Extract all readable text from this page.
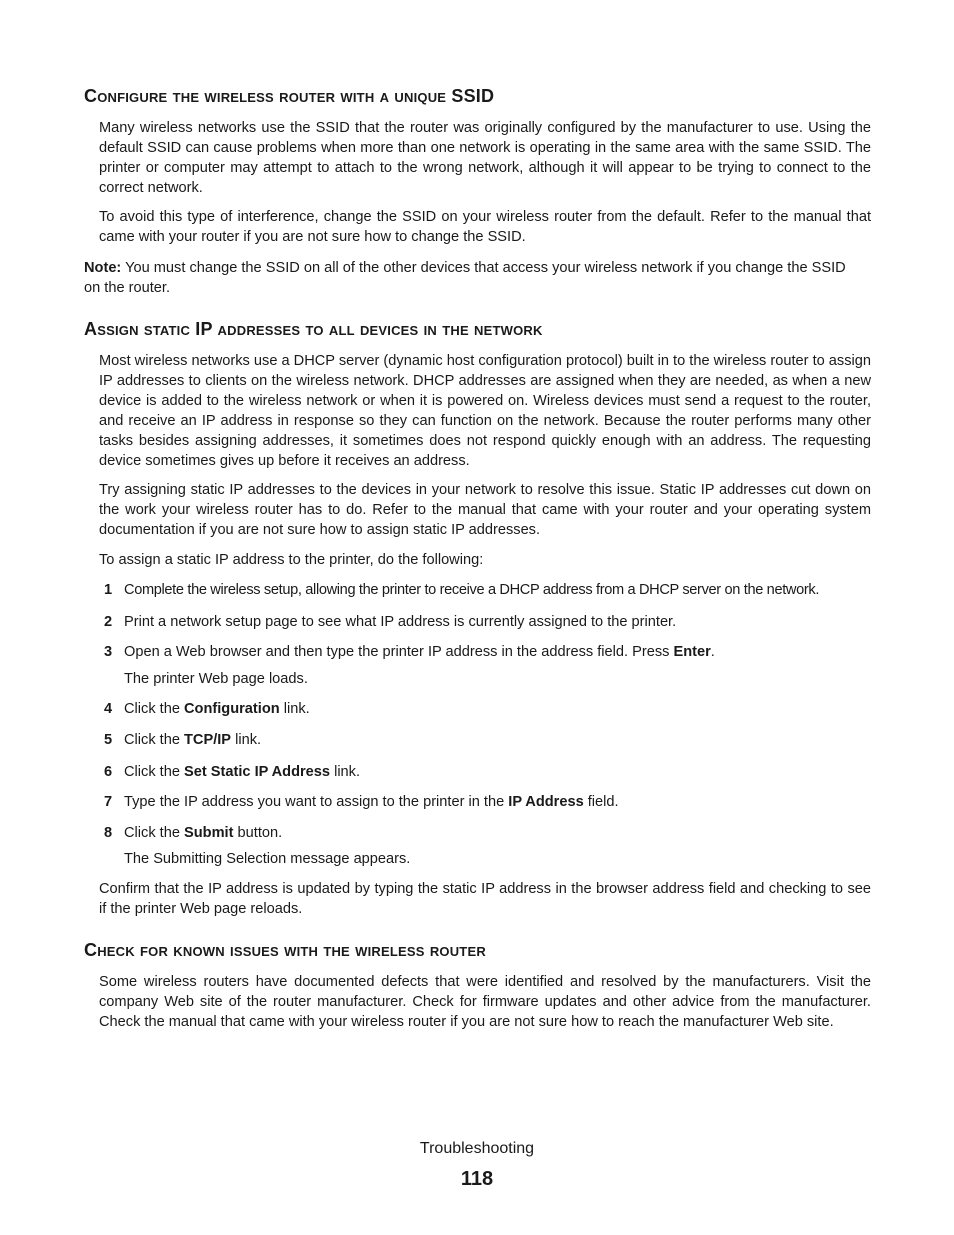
Configure the wireless router with a unique SSID

Many wireless networks use the SSID that the router was originally configured by the manufacturer to use. Using the default SSID can cause problems when more than one network is operating in the same area with the same SSID. The printer or computer may attempt to attach to the wrong network, although it will appear to be trying to connect to the correct network.

To avoid this type of interference, change the SSID on your wireless router from the default. Refer to the manual that came with your router if you are not sure how to change the SSID.

Note: You must change the SSID on all of the other devices that access your wireless network if you change the SSID on the router.

Assign static IP addresses to all devices in the network

Most wireless networks use a DHCP server (dynamic host configuration protocol) built in to the wireless router to assign IP addresses to clients on the wireless network. DHCP addresses are assigned when they are needed, as when a new device is added to the wireless network or when it is powered on. Wireless devices must send a request to the router, and receive an IP address in response so they can function on the network. Because the router performs many other tasks besides assigning addresses, it sometimes does not respond quickly enough with an address. The requesting device sometimes gives up before it receives an address.

Try assigning static IP addresses to the devices in your network to resolve this issue. Static IP addresses cut down on the work your wireless router has to do. Refer to the manual that came with your router and your operating system documentation if you are not sure how to assign static IP addresses.

To assign a static IP address to the printer, do the following:

1 Complete the wireless setup, allowing the printer to receive a DHCP address from a DHCP server on the network.
2 Print a network setup page to see what IP address is currently assigned to the printer.
3 Open a Web browser and then type the printer IP address in the address field. Press Enter.

The printer Web page loads.

4 Click the Configuration link.
5 Click the TCP/IP link.
6 Click the Set Static IP Address link.
7 Type the IP address you want to assign to the printer in the IP Address field.
8 Click the Submit button.

The Submitting Selection message appears.

Confirm that the IP address is updated by typing the static IP address in the browser address field and checking to see if the printer Web page reloads.

Check for known issues with the wireless router

Some wireless routers have documented defects that were identified and resolved by the manufacturers. Visit the company Web site of the router manufacturer. Check for firmware updates and other advice from the manufacturer. Check the manual that came with your wireless router if you are not sure how to reach the manufacturer Web site.

Troubleshooting

118
